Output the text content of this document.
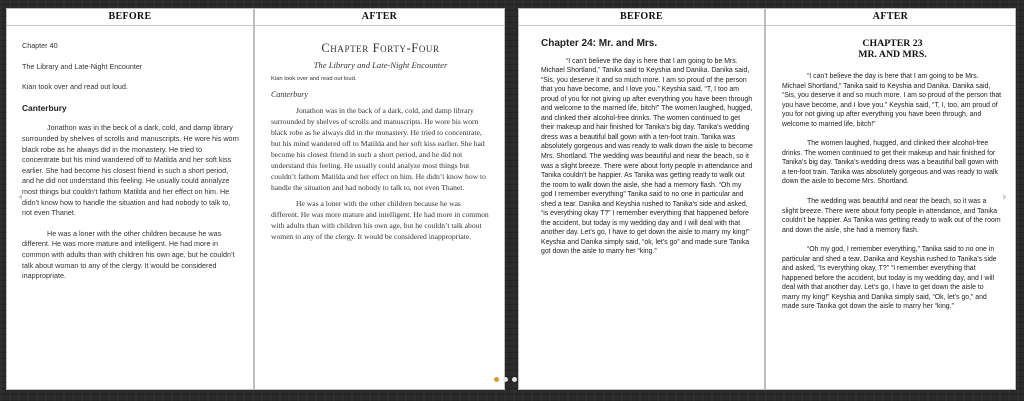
BEFORE

Chapter 40

The Library and Late-Night Encounter

Kian took over and read out loud.

Canterbury

Jonathon was in the beck of a dark, cold, and damp library surrounded by shelves of scrolls and manuscripts. He wore his worn black robe as he always did in the monastery. He tried to concentrate but his mind wandered off to Matilda and her soft kiss earlier. She had become his closest friend in such a short period, and he did not understand this feeling. He usually could annalyze most things but couldn’t fathom Matilda and her effect on him. He didn’t know how to handle the situation and had nobody to talk to, not even Thanet.

He was a loner with the other children because he was different. He was more mature and intelligent. He had more in common with adults than with children his own age, but he couldn’t talk about woman to any of the clergy. It would be considered inappropriate.

AFTER

Chapter Forty-Four

The Library and Late-Night Encounter

Kian took over and read out loud.

Canterbury

Jonathon was in the back of a dark, cold, and damp library surrounded by shelves of scrolls and manuscripts. He wore his worn black robe as he always did in the monastery. He tried to concentrate, but his mind wandered off to Matilda and her soft kiss earlier. She had become his closest friend in such a short period, and he did not understand this feeling. He usually could analyze most things but couldn’t fathom Matilda and her effect on him. He didn’t know how to handle the situation and had nobody to talk to, not even Thanet.

He was a loner with the other children because he was different. He was more mature and intelligent. He had more in common with adults than with children his own age, but he couldn’t talk about women to any of the clergy. It would be considered inappropriate.

BEFORE

Chapter 24: Mr. and Mrs.

“I can’t believe the day is here that I am going to be Mrs. Michael Shortland,” Tanika said to Keyshia and Danika. Danika said, “Sis, you deserve it and so much more. I am so proud of the person that you have become, and I love you.” Keyshia said, “T, I too am proud of you for not giving up after everything you have been through and welcome to the married life, bitch!” The women laughed, hugged, and clinked their alcohol-free drinks. The women continued to get their makeup and hair finished for Tanika’s big day. Tanika’s wedding dress was a beautiful ball gown with a ten-foot train. Tanika was absolutely gorgeous and was ready to walk down the aisle to become Mrs. Shortland. The wedding was beautiful and near the beach, so it was a slight breeze. There were about forty people in attendance and Tanika couldn’t be happier. As Tanika was getting ready to walk out the room to walk down the aisle, she had a memory flash. “Oh my god I remember everything” Tanika said to no one in particular and shed a tear. Danika and Keyshia rushed to Tanika’s side and asked, “is everything okay T?” I remember everything that happened before the accident, but today is my wedding day and I will deal with that another day. Let’s go, I have to get down the aisle to marry my king!” Keyshia and Danika simply said, “ok, let’s go” and made sure Tanika got down the aisle to marry her “king.”

AFTER

CHAPTER 23

MR. AND MRS.

“I can’t believe the day is here that I am going to be Mrs. Michael Shortland,” Tanika said to Keyshia and Danika. Danika said, “Sis, you deserve it and so much more. I am so proud of the person that you have become, and I love you.” Keyshia said, “T, I, too, am proud of you for not giving up after everything you have been through, and welcome to married life, bitch!”

The women laughed, hugged, and clinked their alcohol-free drinks. The women continued to get their makeup and hair finished for Tanika’s big day. Tanika’s wedding dress was a beautiful ball gown with a ten-foot train. Tanika was absolutely gorgeous and was ready to walk down the aisle to become Mrs. Shortland.

The wedding was beautiful and near the beach, so it was a slight breeze. There were about forty people in attendance, and Tanika couldn’t be happier. As Tanika was getting ready to walk out of the room and down the aisle, she had a memory flash.

“Oh my god, I remember everything,” Tanika said to no one in particular and shed a tear. Danika and Keyshia rushed to Tanika’s side and asked, “Is everything okay, T?” “I remember everything that happened before the accident, but today is my wedding day, and I will deal with that another day. Let’s go, I have to get down the aisle to marry my king!” Keyshia and Danika simply said, “Ok, let’s go,” and made sure Tanika got down the aisle to marry her “king.”
